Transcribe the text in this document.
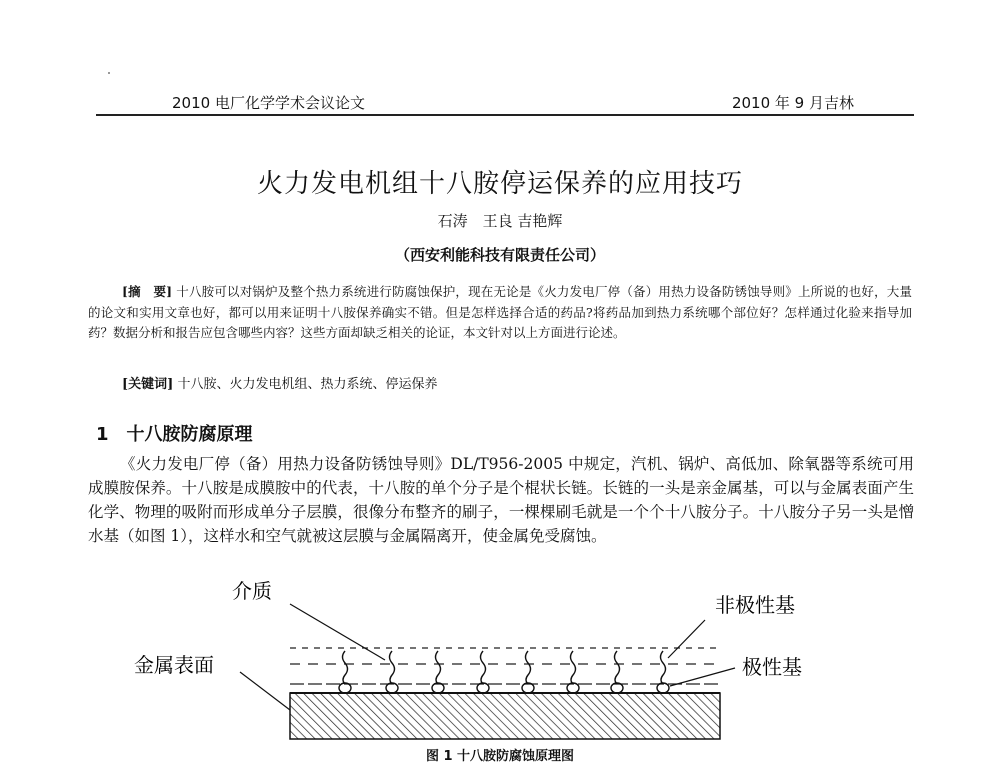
2010 电厂化学学术会议论文	2010 年 9 月吉林
火力发电机组十八胺停运保养的应用技巧
石涛　王良 吉艳辉
（西安利能科技有限责任公司）
[摘　要] 十八胺可以对锅炉及整个热力系统进行防腐蚀保护，现在无论是《火力发电厂停（备）用热力设备防锈蚀导则》上所说的也好，大量的论文和实用文章也好，都可以用来证明十八胺保养确实不错。但是怎样选择合适的药品?将药品加到热力系统哪个部位好？怎样通过化验来指导加药？数据分析和报告应包含哪些内容？这些方面却缺乏相关的论证，本文针对以上方面进行论述。
[关键词] 十八胺、火力发电机组、热力系统、停运保养
1 十八胺防腐原理
《火力发电厂停（备）用热力设备防锈蚀导则》DL/T956-2005 中规定，汽机、锅炉、高低加、除氧器等系统可用成膜胺保养。十八胺是成膜胺中的代表，十八胺的单个分子是个棍状长链。长链的一头是亲金属基，可以与金属表面产生化学、物理的吸附而形成单分子层膜，很像分布整齐的刷子，一棵棵刷毛就是一个个十八胺分子。十八胺分子另一头是憎水基（如图 1），这样水和空气就被这层膜与金属隔离开，使金属免受腐蚀。
介质
非极性基
金属表面	极性基
图 1 十八胺防腐蚀原理图
